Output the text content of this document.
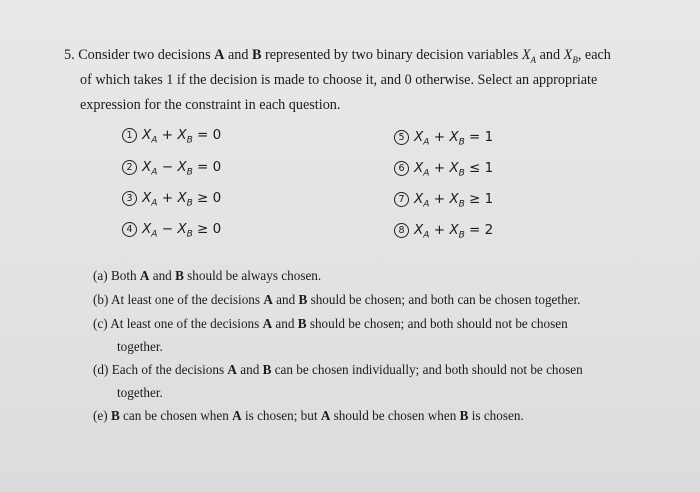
5. Consider two decisions A and B represented by two binary decision variables $X_A$ and $X_B$, each
of which takes 1 if the decision is made to choose it, and 0 otherwise. Select an appropriate
expression for the constraint in each question.
1 $X_A + X_B = 0$
2 $X_A - X_B = 0$
3 $X_A + X_B \ge 0$
4 $X_A - X_B \ge 0$
5 $X_A + X_B = 1$
6 $X_A + X_B \le 1$
7 $X_A + X_B \ge 1$
8 $X_A + X_B = 2$
(a) Both A and B should be always chosen.
(b) At least one of the decisions A and B should be chosen; and both can be chosen together.
(c) At least one of the decisions A and B should be chosen; and both should not be chosen
together.
(d) Each of the decisions A and B can be chosen individually; and both should not be chosen
together.
(e) B can be chosen when A is chosen; but A should be chosen when B is chosen.
